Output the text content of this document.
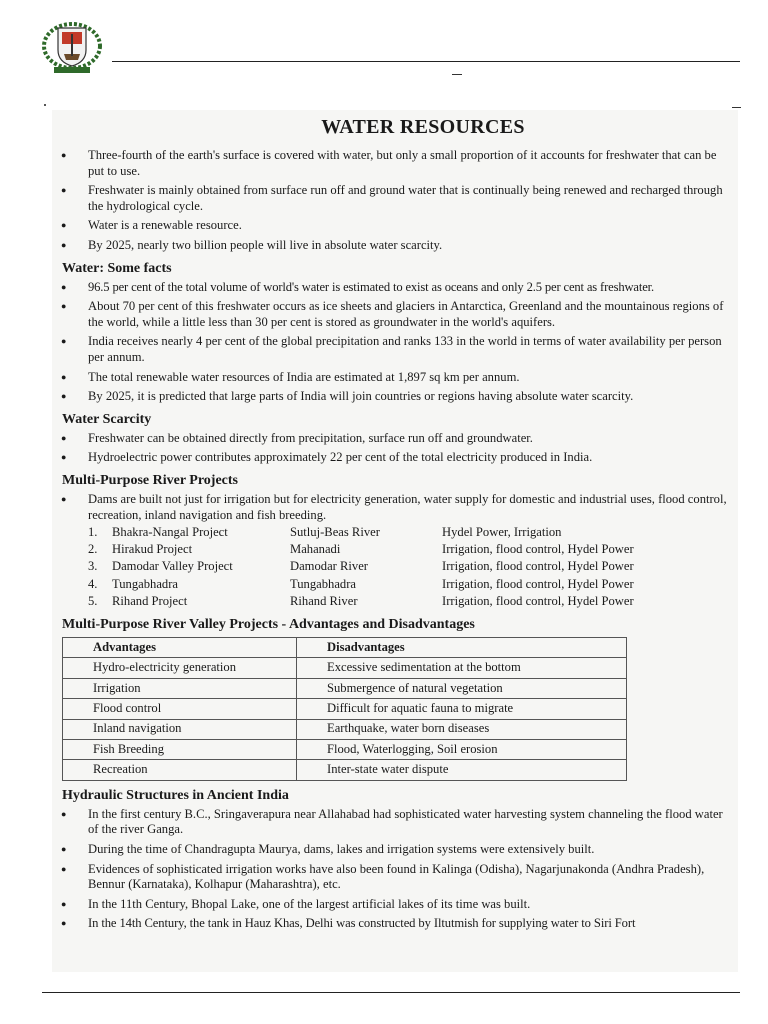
WATER RESOURCES
● Three-fourth of the earth's surface is covered with water, but only a small proportion of it accounts for freshwater that can be put to use.
● Freshwater is mainly obtained from surface run off and ground water that is continually being renewed and recharged through the hydrological cycle.
● Water is a renewable resource.
● By 2025, nearly two billion people will live in absolute water scarcity.
Water: Some facts
● 96.5 per cent of the total volume of world's water is estimated to exist as oceans and only 2.5 per cent as freshwater.
● About 70 per cent of this freshwater occurs as ice sheets and glaciers in Antarctica, Greenland and the mountainous regions of the world, while a little less than 30 per cent is stored as groundwater in the world's aquifers.
● India receives nearly 4 per cent of the global precipitation and ranks 133 in the world in terms of water availability per person per annum.
● The total renewable water resources of India are estimated at 1,897 sq km per annum.
● By 2025, it is predicted that large parts of India will join countries or regions having absolute water scarcity.
Water Scarcity
● Freshwater can be obtained directly from precipitation, surface run off and groundwater.
● Hydroelectric power contributes approximately 22 per cent of the total electricity produced in India.
Multi-Purpose River Projects
● Dams are built not just for irrigation but for electricity generation, water supply for domestic and industrial uses, flood control, recreation, inland navigation and fish breeding.
1.	Bhakra-Nangal Project	Sutluj-Beas River	Hydel Power, Irrigation
2.	Hirakud Project	Mahanadi	Irrigation, flood control, Hydel Power
3.	Damodar Valley Project	Damodar River	Irrigation, flood control, Hydel Power
4.	Tungabhadra	Tungabhadra	Irrigation, flood control, Hydel Power
5.	Rihand Project	Rihand River	Irrigation, flood control, Hydel Power
Multi-Purpose River Valley Projects - Advantages and Disadvantages
Advantages	Disadvantages
Hydro-electricity generation	Excessive sedimentation at the bottom
Irrigation	Submergence of natural vegetation
Flood control	Difficult for aquatic fauna to migrate
Inland navigation	Earthquake, water born diseases
Fish Breeding	Flood, Waterlogging, Soil erosion
Recreation	Inter-state water dispute
Hydraulic Structures in Ancient India
● In the first century B.C., Sringaverapura near Allahabad had sophisticated water harvesting system channeling the flood water of the river Ganga.
● During the time of Chandragupta Maurya, dams, lakes and irrigation systems were extensively built.
● Evidences of sophisticated irrigation works have also been found in Kalinga (Odisha), Nagarjunakonda (Andhra Pradesh), Bennur (Karnataka), Kolhapur (Maharashtra), etc.
● In the 11th Century, Bhopal Lake, one of the largest artificial lakes of its time was built.
● In the 14th Century, the tank in Hauz Khas, Delhi was constructed by Iltutmish for supplying water to Siri Fort
